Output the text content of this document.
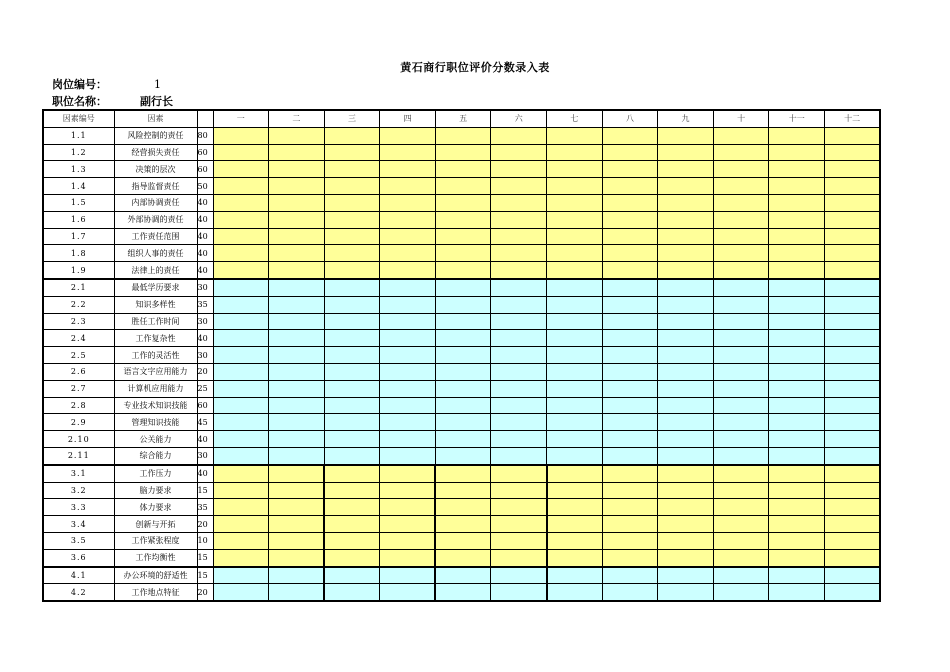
黄石商行职位评价分数录入表
岗位编号：	1
职位名称：	副行长
因素编号	因素		一	二	三	四	五	六	七	八	九	十	十一	十二
1.1	风险控制的责任	80												
1.2	经营损失责任	60												
1.3	决策的层次	60												
1.4	指导监督责任	50												
1.5	内部协调责任	40												
1.6	外部协调的责任	40												
1.7	工作责任范围	40												
1.8	组织人事的责任	40												
1.9	法律上的责任	40												
2.1	最低学历要求	30												
2.2	知识多样性	35												
2.3	胜任工作时间	30												
2.4	工作复杂性	40												
2.5	工作的灵活性	30												
2.6	语言文字应用能力	20												
2.7	计算机应用能力	25												
2.8	专业技术知识技能	60												
2.9	管理知识技能	45												
2.10	公关能力	40												
2.11	综合能力	30												
3.1	工作压力	40												
3.2	脑力要求	15												
3.3	体力要求	35												
3.4	创新与开拓	20												
3.5	工作紧张程度	10												
3.6	工作均衡性	15												
4.1	办公环境的舒适性	15												
4.2	工作地点特征	20												
